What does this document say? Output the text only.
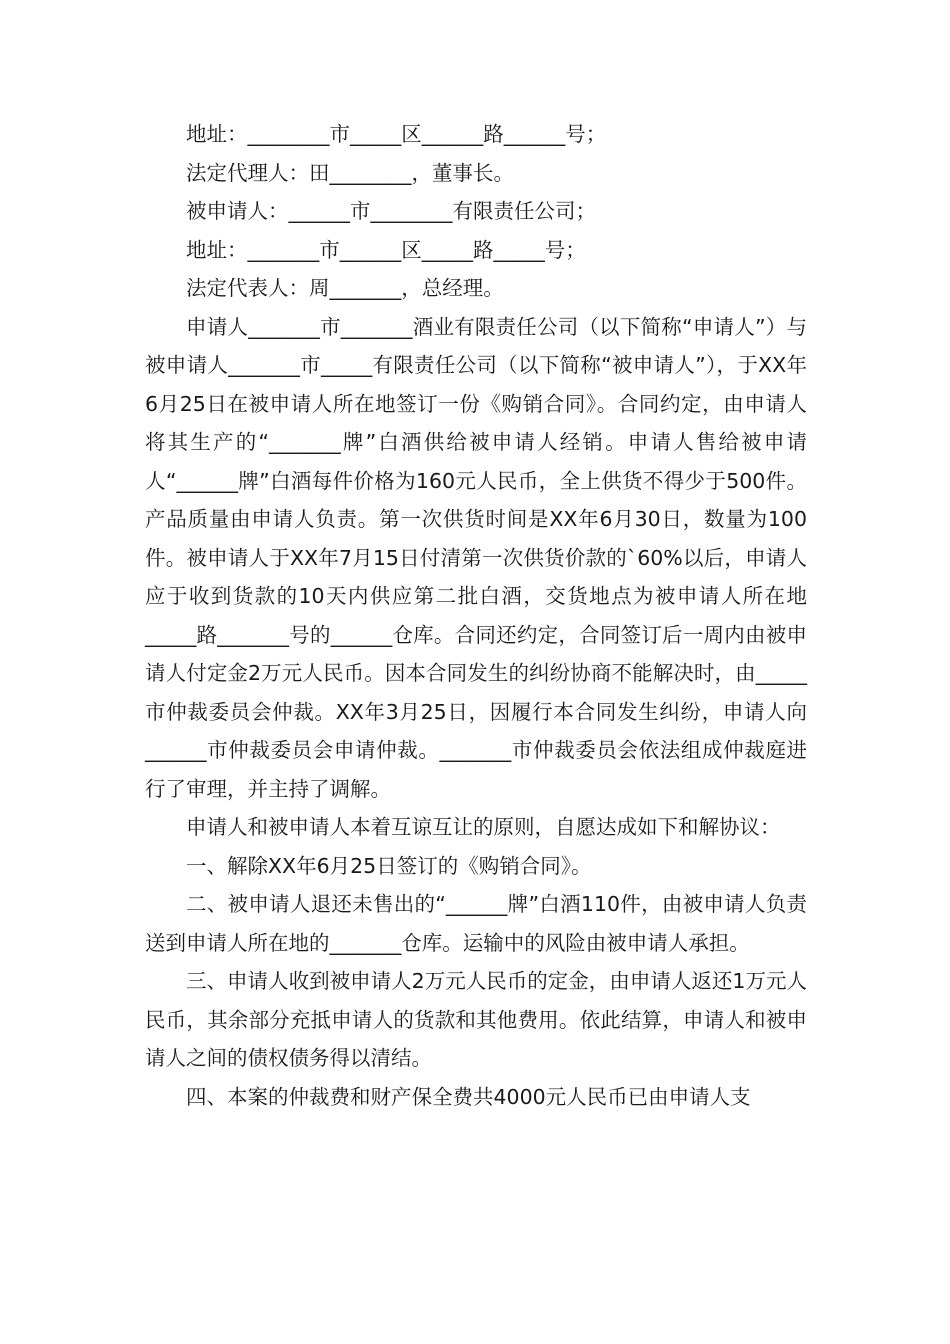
地址：________市_____区______路______号；

法定代理人：田________，董事长。

被申请人：______市________有限责任公司；

地址：_______市______区_____路_____号；

法定代表人：周_______，总经理。

申请人_______市_______酒业有限责任公司（以下简称“申请人”）与被申请人_______市_____有限责任公司（以下简称“被申请人”），于XX年6月25日在被申请人所在地签订一份《购销合同》。合同约定，由申请人将其生产的“_______牌”白酒供给被申请人经销。申请人售给被申请人“______牌”白酒每件价格为160元人民币，全上供货不得少于500件。产品质量由申请人负责。第一次供货时间是XX年6月30日，数量为100件。被申请人于XX年7月15日付清第一次供货价款的`60%以后，申请人应于收到货款的10天内供应第二批白酒，交货地点为被申请人所在地_____路_______号的______仓库。合同还约定，合同签订后一周内由被申请人付定金2万元人民币。因本合同发生的纠纷协商不能解决时，由_____市仲裁委员会仲裁。XX年3月25日，因履行本合同发生纠纷，申请人向______市仲裁委员会申请仲裁。_______市仲裁委员会依法组成仲裁庭进行了审理，并主持了调解。

申请人和被申请人本着互谅互让的原则，自愿达成如下和解协议：

一、解除XX年6月25日签订的《购销合同》。

二、被申请人退还未售出的“______牌”白酒110件，由被申请人负责送到申请人所在地的_______仓库。运输中的风险由被申请人承担。

三、申请人收到被申请人2万元人民币的定金，由申请人返还1万元人民币，其余部分充抵申请人的货款和其他费用。依此结算，申请人和被申请人之间的债权债务得以清结。

四、本案的仲裁费和财产保全费共4000元人民币已由申请人支
